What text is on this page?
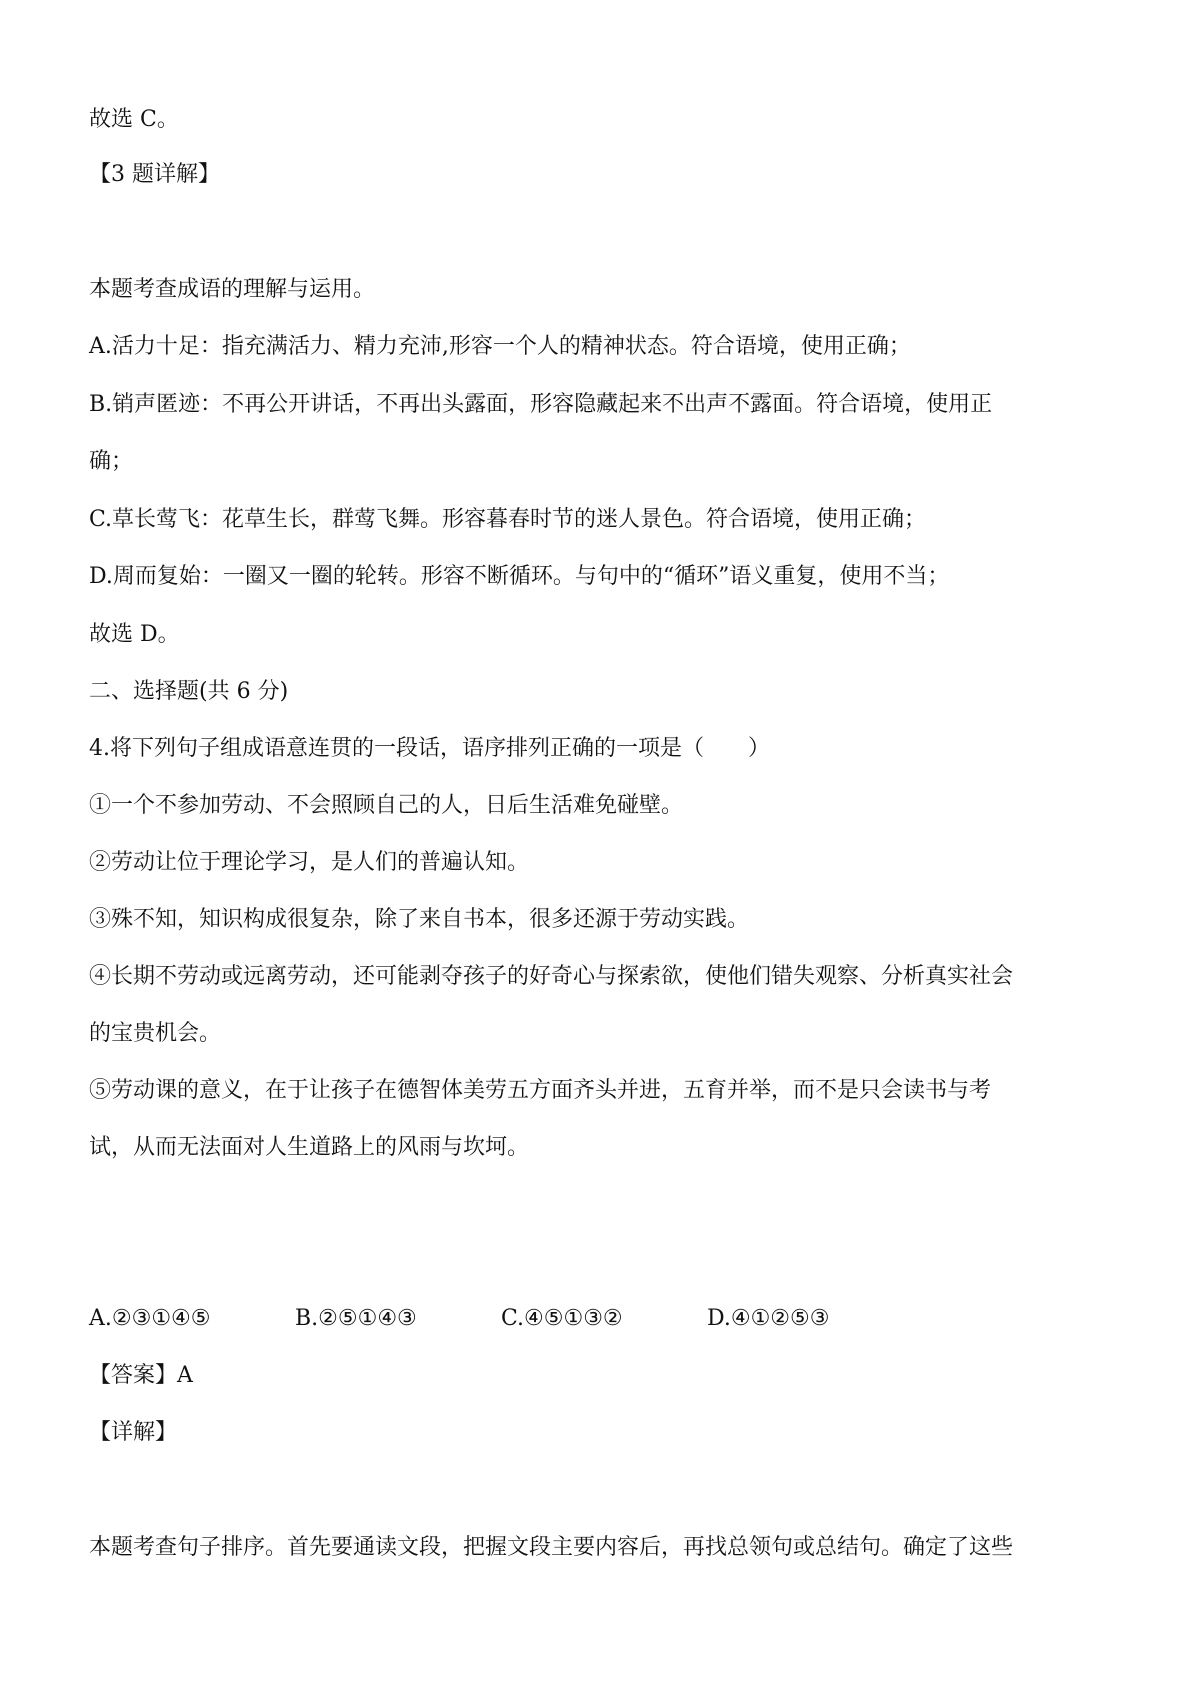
故选 C。
【3 题详解】
本题考查成语的理解与运用。
A.活力十足：指充满活力、精力充沛,形容一个人的精神状态。符合语境，使用正确；
B.销声匿迹：不再公开讲话，不再出头露面，形容隐藏起来不出声不露面。符合语境，使用正
确；
C.草长莺飞：花草生长，群莺飞舞。形容暮春时节的迷人景色。符合语境，使用正确；
D.周而复始：一圈又一圈的轮转。形容不断循环。与句中的“循环”语义重复，使用不当；
故选 D。
二、选择题(共 6 分)
4.将下列句子组成语意连贯的一段话，语序排列正确的一项是（　　）
①一个不参加劳动、不会照顾自己的人，日后生活难免碰壁。
②劳动让位于理论学习，是人们的普遍认知。
③殊不知，知识构成很复杂，除了来自书本，很多还源于劳动实践。
④长期不劳动或远离劳动，还可能剥夺孩子的好奇心与探索欲，使他们错失观察、分析真实社会
的宝贵机会。
⑤劳动课的意义，在于让孩子在德智体美劳五方面齐头并进，五育并举，而不是只会读书与考
试，从而无法面对人生道路上的风雨与坎坷。
A.②③①④⑤	B.②⑤①④③	C.④⑤①③②	D.④①②⑤③
【答案】A
【详解】
本题考查句子排序。首先要通读文段，把握文段主要内容后，再找总领句或总结句。确定了这些
